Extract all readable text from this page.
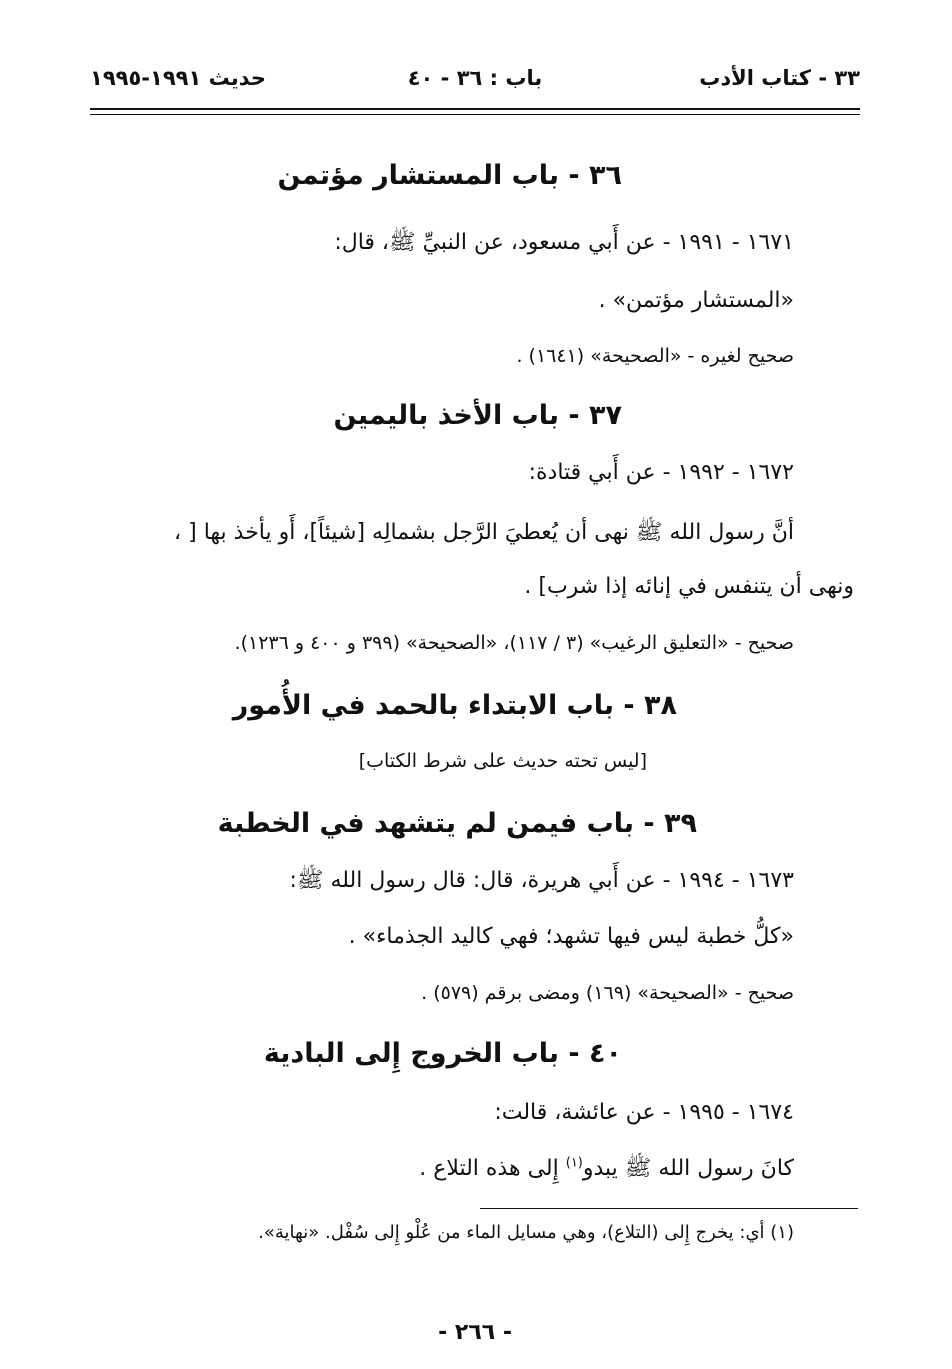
٣٣ - كتاب الأدب
باب : ٣٦ - ٤٠
حديث ١٩٩١-١٩٩٥
٣٦ - باب المستشار مؤتمن
١٦٧١ - ١٩٩١ - عن أَبي مسعود، عن النبيِّ ﷺ، قال:
«المستشار مؤتمن» .
صحيح لغيره - «الصحيحة» (١٦٤١) .
٣٧ - باب الأخذ باليمين
١٦٧٢ - ١٩٩٢ - عن أَبي قتادة:
أنَّ رسول الله ﷺ نهى أن يُعطيَ الرَّجل بشمالِه [شيئاً]، أَو يأخذ بها [ ،
ونهى أن يتنفس في إنائه إذا شرب] .
صحيح - «التعليق الرغيب» (٣ / ١١٧)، «الصحيحة» (٣٩٩ و ٤٠٠ و ١٢٣٦).
٣٨ - باب الابتداء بالحمد في الأُمور
[ليس تحته حديث على شرط الكتاب]
٣٩ - باب فيمن لم يتشهد في الخطبة
١٦٧٣ - ١٩٩٤ - عن أَبي هريرة، قال: قال رسول الله ﷺ:
«كلُّ خطبة ليس فيها تشهد؛ فهي كاليد الجذماء» .
صحيح - «الصحيحة» (١٦٩) ومضى برقم (٥٧٩) .
٤٠ - باب الخروج إِلى البادية
١٦٧٤ - ١٩٩٥ - عن عائشة، قالت:
كانَ رسول الله ﷺ يبدو$^{(١)}$ إِلى هذه التلاع .
(١) أي: يخرج إِلى (التلاع)، وهي مسايل الماء من عُلْو إِلى سُفْل. «نهاية».
- ٢٦٦ -
